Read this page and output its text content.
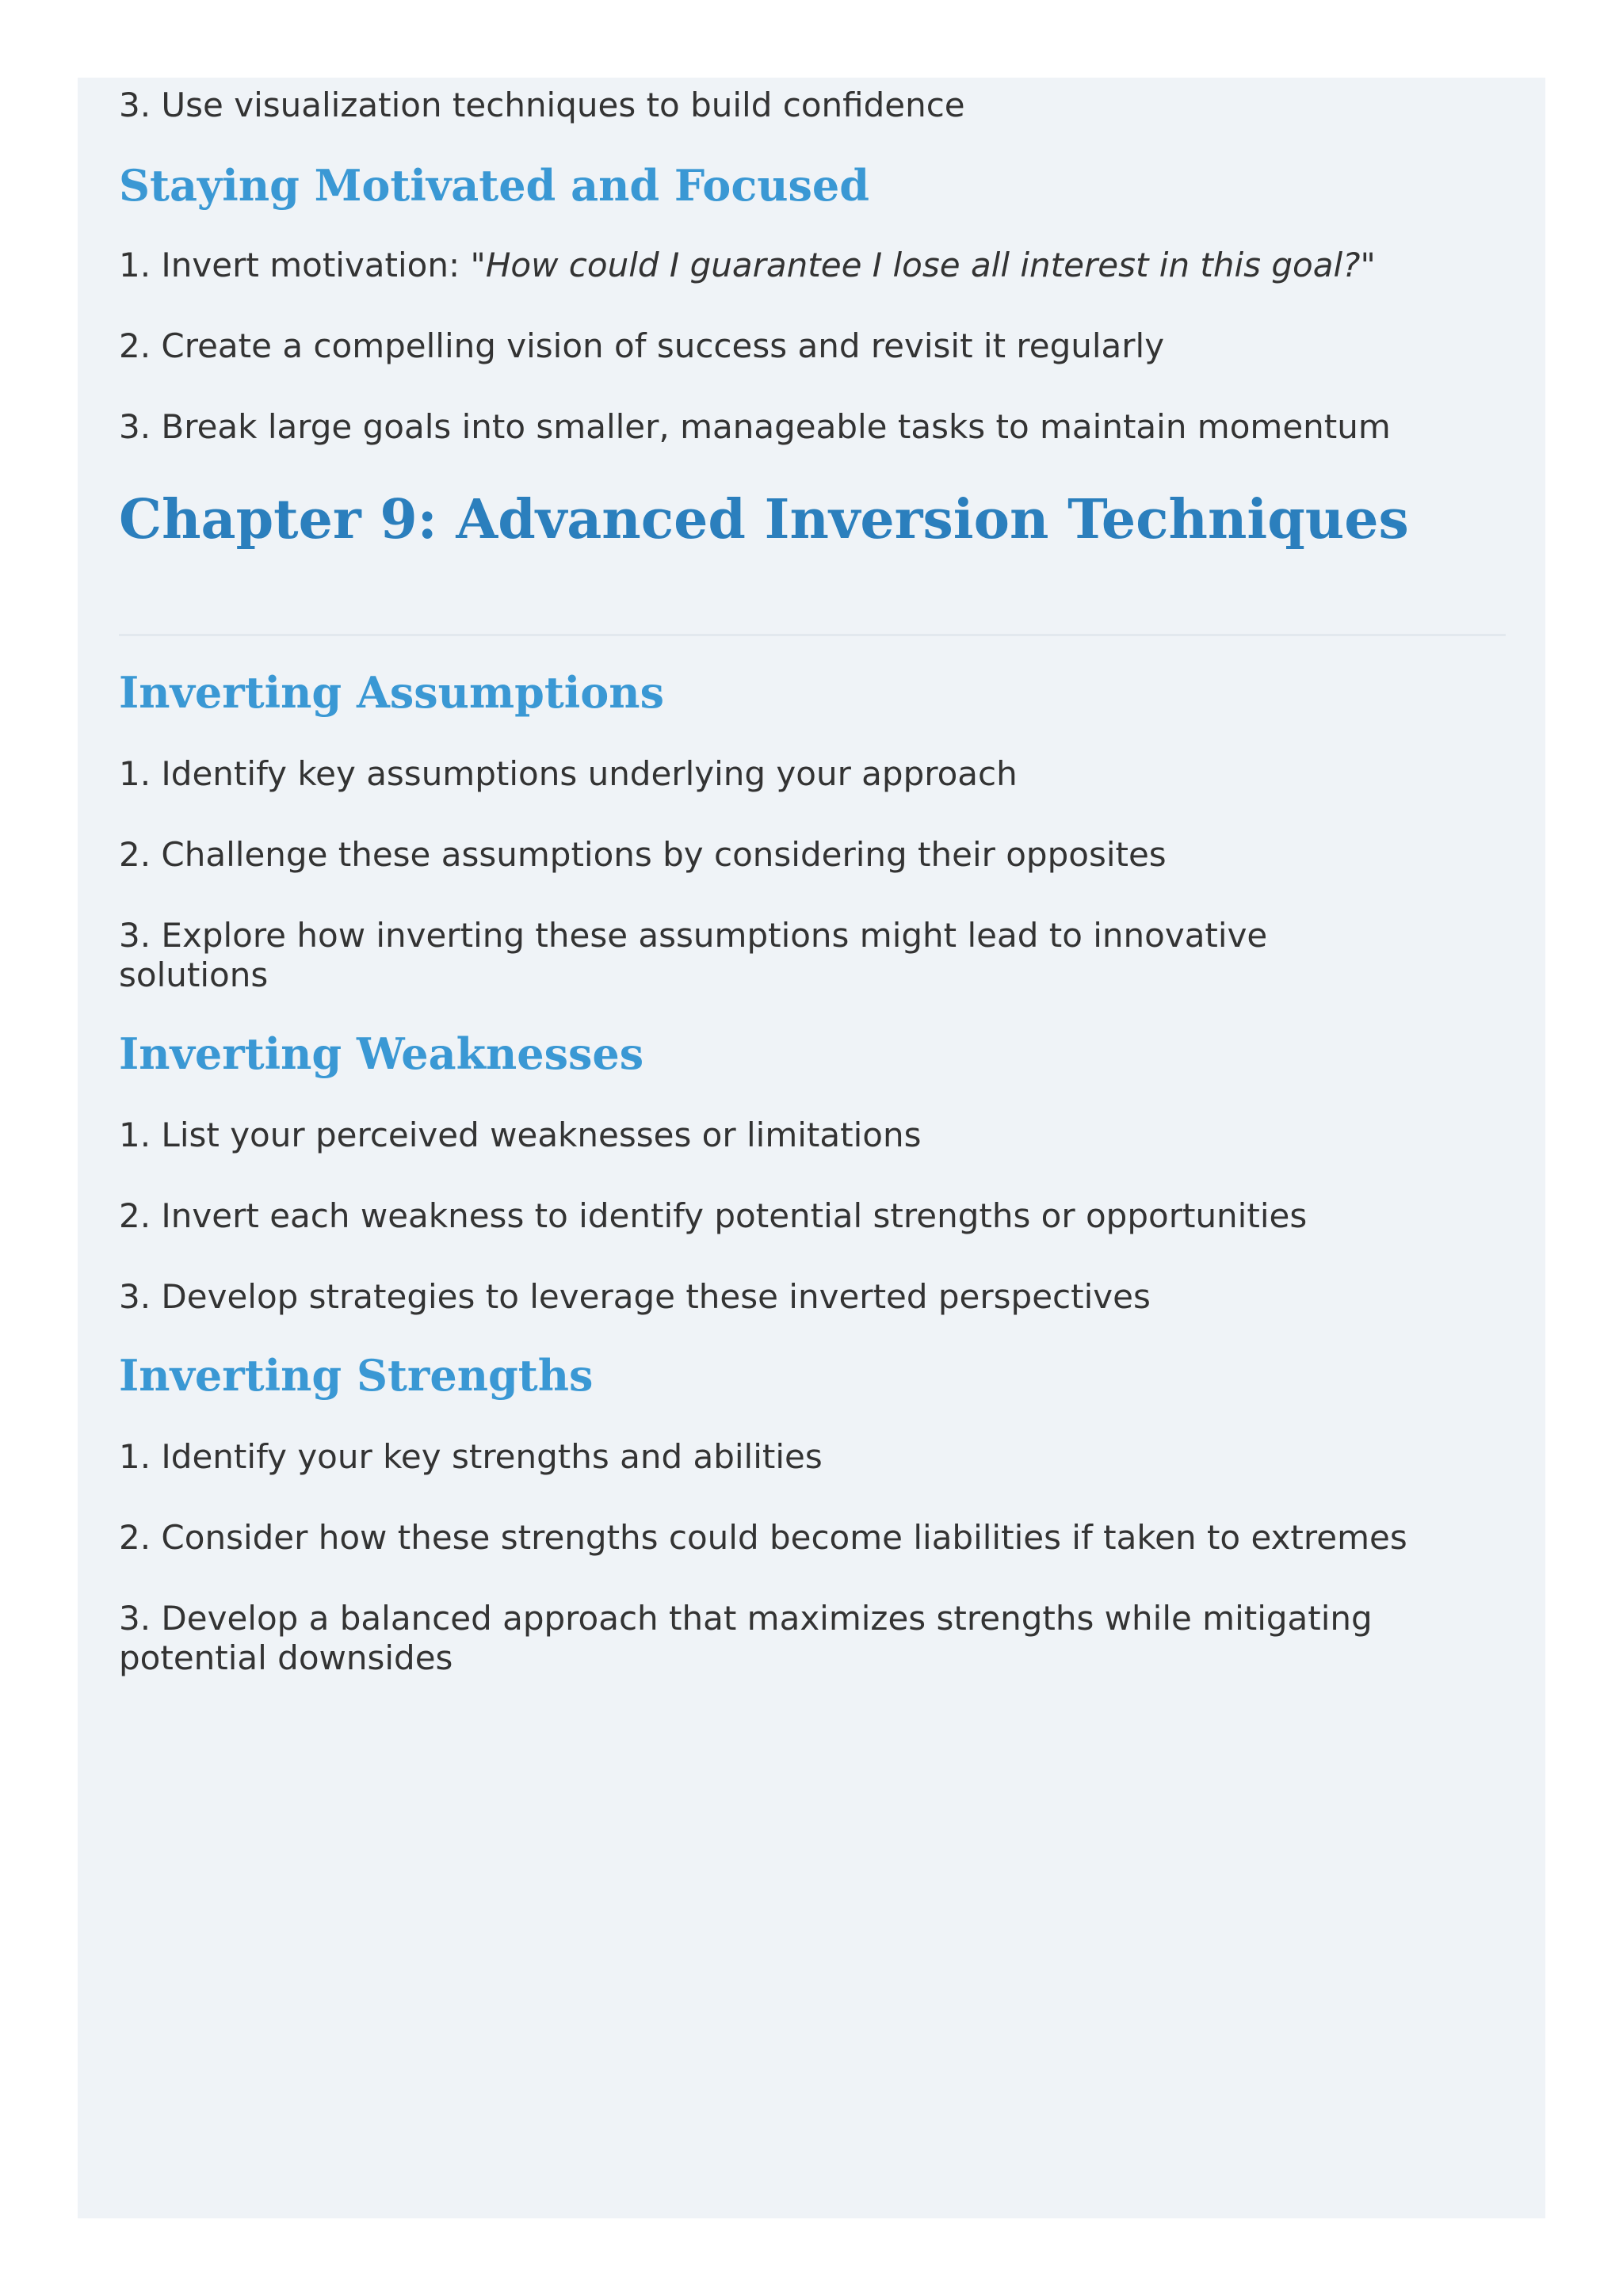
3. Use visualization techniques to build confidence

Staying Motivated and Focused

1. Invert motivation: "How could I guarantee I lose all interest in this goal?"

2. Create a compelling vision of success and revisit it regularly

3. Break large goals into smaller, manageable tasks to maintain momentum

Chapter 9: Advanced Inversion Techniques
Inverting Assumptions

1. Identify key assumptions underlying your approach

2. Challenge these assumptions by considering their opposites

3. Explore how inverting these assumptions might lead to innovative solutions

Inverting Weaknesses

1. List your perceived weaknesses or limitations

2. Invert each weakness to identify potential strengths or opportunities

3. Develop strategies to leverage these inverted perspectives

Inverting Strengths

1. Identify your key strengths and abilities

2. Consider how these strengths could become liabilities if taken to extremes

3. Develop a balanced approach that maximizes strengths while mitigating potential downsides
